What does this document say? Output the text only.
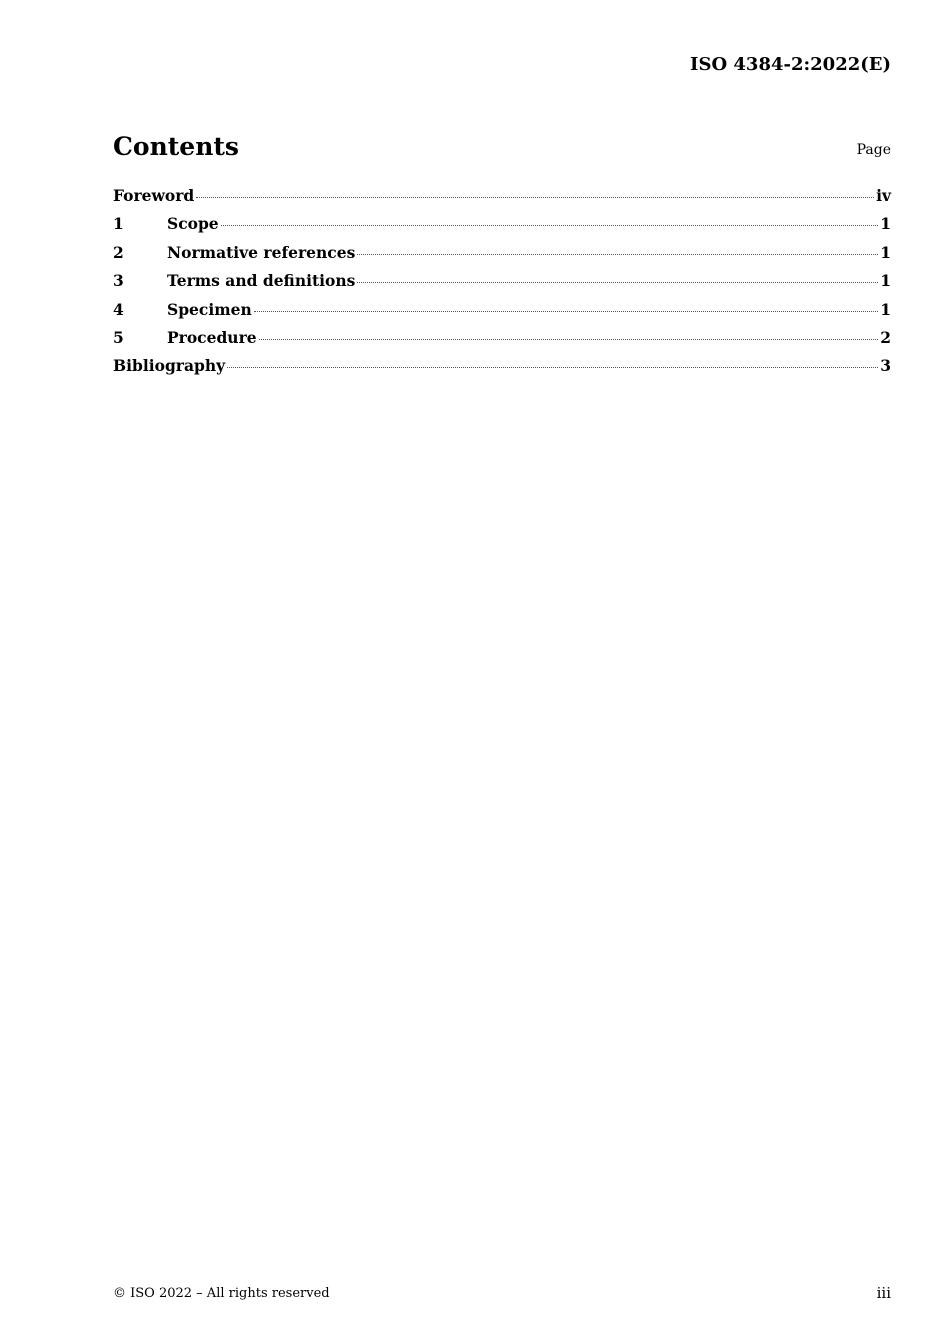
ISO 4384-2:2022(E)
Contents	Page
Foreword	iv
1	Scope	1
2	Normative references	1
3	Terms and definitions	1
4	Specimen	1
5	Procedure	2
Bibliography	3
© ISO 2022 – All rights reserved	iii
